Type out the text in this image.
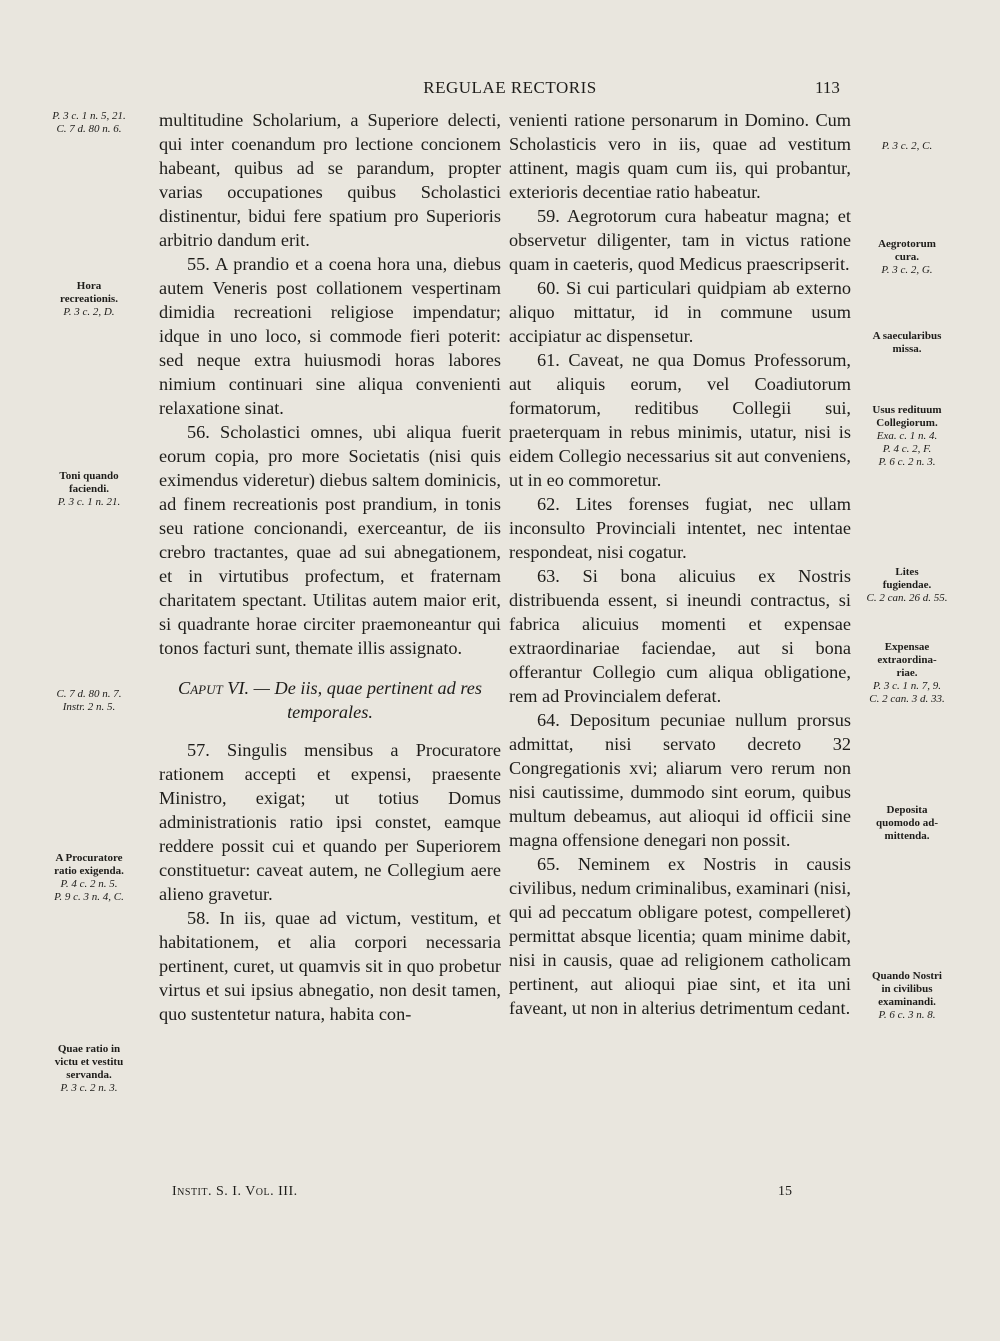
REGULAE RECTORIS	113

multitudine Scholarium, a Superiore delecti, qui inter coenandum pro lectione concionem habeant, quibus ad se parandum, propter varias occupationes quibus Scholastici distinentur, bidui fere spatium pro Superioris arbitrio dandum erit.

55. A prandio et a coena hora una, diebus autem Veneris post collationem vespertinam dimidia recreationi religiose impendatur; idque in uno loco, si commode fieri poterit: sed neque extra huiusmodi horas labores nimium continuari sine aliqua convenienti relaxatione sinat.

56. Scholastici omnes, ubi aliqua fuerit eorum copia, pro more Societatis (nisi quis eximendus videretur) diebus saltem dominicis, ad finem recreationis post prandium, in tonis seu ratione concionandi, exerceantur, de iis crebro tractantes, quae ad sui abnegationem, et in virtutibus profectum, et fraternam charitatem spectant. Utilitas autem maior erit, si quadrante horae circiter praemoneantur qui tonos facturi sunt, themate illis assignato.

Caput VI. — De iis, quae pertinent ad res temporales.

57. Singulis mensibus a Procuratore rationem accepti et expensi, praesente Ministro, exigat; ut totius Domus administrationis ratio ipsi constet, eamque reddere possit cui et quando per Superiorem constituetur: caveat autem, ne Collegium aere alieno gravetur.

58. In iis, quae ad victum, vestitum, et habitationem, et alia corpori necessaria pertinent, curet, ut quamvis sit in quo probetur virtus et sui ipsius abnegatio, non desit tamen, quo sustentetur natura, habita con-

venienti ratione personarum in Domino. Cum Scholasticis vero in iis, quae ad vestitum attinent, magis quam cum iis, qui probantur, exterioris decentiae ratio habeatur.

59. Aegrotorum cura habeatur magna; et observetur diligenter, tam in victus ratione quam in caeteris, quod Medicus praescripserit.

60. Si cui particulari quidpiam ab externo aliquo mittatur, id in commune usum accipiatur ac dispensetur.

61. Caveat, ne qua Domus Professorum, aut aliquis eorum, vel Coadiutorum formatorum, reditibus Collegii sui, praeterquam in rebus minimis, utatur, nisi is eidem Collegio necessarius sit aut conveniens, ut in eo commoretur.

62. Lites forenses fugiat, nec ullam inconsulto Provinciali intentet, nec intentae respondeat, nisi cogatur.

63. Si bona alicuius ex Nostris distribuenda essent, si ineundi contractus, si fabrica alicuius momenti et expensae extraordinariae faciendae, aut si bona offerantur Collegio cum aliqua obligatione, rem ad Provincialem deferat.

64. Depositum pecuniae nullum prorsus admittat, nisi servato decreto 32 Congregationis xvi; aliarum vero rerum non nisi cautissime, dummodo sint eorum, quibus multum debeamus, aut alioqui id officii sine magna offensione denegari non possit.

65. Neminem ex Nostris in causis civilibus, nedum criminalibus, examinari (nisi, qui ad peccatum obligare potest, compelleret) permittat absque licentia; quam minime dabit, nisi in causis, quae ad religionem catholicam pertinent, aut alioqui piae sint, et ita uni faveant, ut non in alterius detrimentum cedant.

P. 3 c. 1 n. 5, 21.
C. 7 d. 80 n. 6.
Hora
recreationis.
P. 3 c. 2, D.
Toni quando
faciendi.
P. 3 c. 1 n. 21.
C. 7 d. 80 n. 7.
Instr. 2 n. 5.
A Procuratore
ratio exigenda.
P. 4 c. 2 n. 5.
P. 9 c. 3 n. 4, C.
Quae ratio in
victu et vestitu
servanda.
P. 3 c. 2 n. 3.
P. 3 c. 2, C.
Aegrotorum
cura.
P. 3 c. 2, G.
A saecularibus
missa.
Usus redituum
Collegiorum.
Exa. c. 1 n. 4.
P. 4 c. 2, F.
P. 6 c. 2 n. 3.
Lites
fugiendae.
C. 2 can. 26 d. 55.
Expensae
extraordina-
riae.
P. 3 c. 1 n. 7, 9.
C. 2 can. 3 d. 33.
Deposita
quomodo ad-
mittenda.
Quando Nostri
in civilibus
examinandi.
P. 6 c. 3 n. 8.
Instit. S. I. Vol. III.	15
